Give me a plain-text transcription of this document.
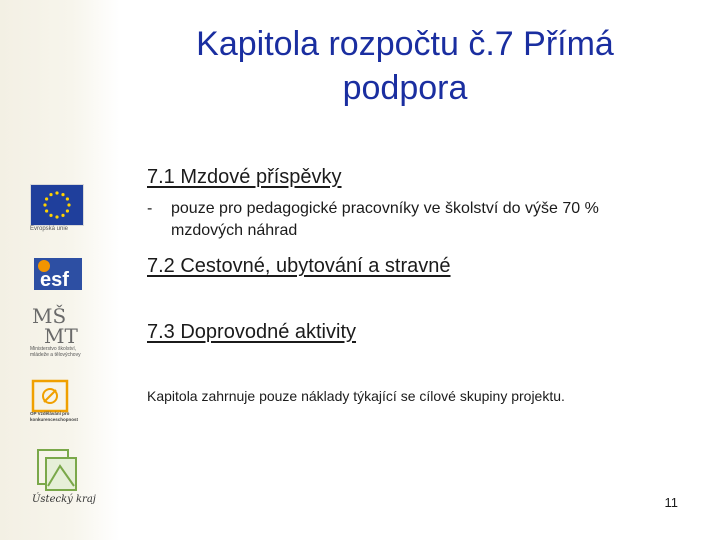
Evropská unie
esf
MŠ
MT
Ministerstvo školství, mládeže a tělovýchovy
OP Vzdělávání pro konkurenceschopnost
Ústecký kraj
Kapitola rozpočtu č.7 Přímá podpora
7.1 Mzdové příspěvky
-	pouze pro pedagogické pracovníky ve školství do výše 70 % mzdových náhrad
7.2 Cestovné, ubytování a stravné
7.3 Doprovodné aktivity
Kapitola zahrnuje pouze náklady týkající se cílové skupiny projektu.
11
